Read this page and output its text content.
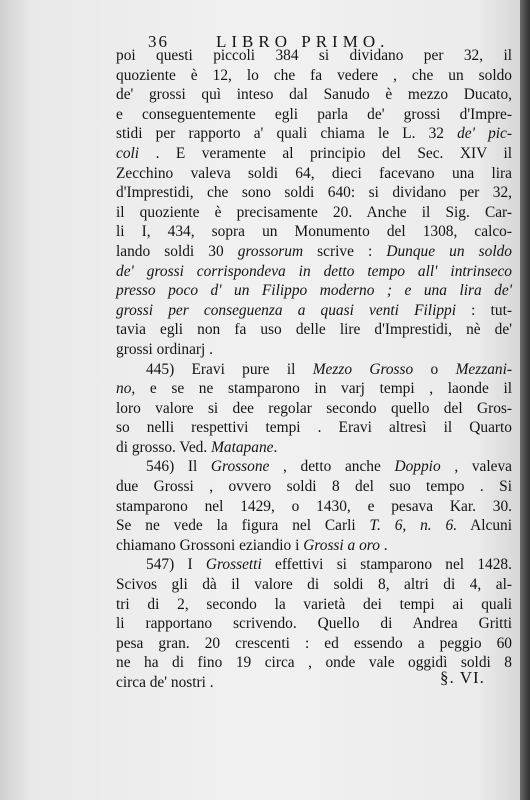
36	LIBRO PRIMO.
poi questi piccoli 384 si dividano per 32, il
quoziente è 12, lo che fa vedere , che un soldo
de' grossi quì inteso dal Sanudo è mezzo Ducato,
e conseguentemente egli parla de' grossi d'Impre-
stidi per rapporto a' quali chiama le L. 32 de' pic-
coli . E veramente al principio del Sec. XIV il
Zecchino valeva soldi 64, dieci facevano una lira
d'Imprestidi, che sono soldi 640: si dividano per 32,
il quoziente è precisamente 20. Anche il Sig. Car-
li I, 434, sopra un Monumento del 1308, calco-
lando soldi 30 grossorum scrive : Dunque un soldo
de' grossi corrispondeva in detto tempo all' intrinseco
presso poco d' un Filippo moderno ; e una lira de'
grossi per conseguenza a quasi venti Filippi : tut-
tavia egli non fa uso delle lire d'Imprestidi, nè de'
grossi ordinarj .
445) Eravi pure il Mezzo Grosso o Mezzani-
no, e se ne stamparono in varj tempi , laonde il
loro valore si dee regolar secondo quello del Gros-
so nelli respettivi tempi . Eravi altresì il Quarto
di grosso. Ved. Matapane.
546) Il Grossone , detto anche Doppio , valeva
due Grossi , ovvero soldi 8 del suo tempo . Si
stamparono nel 1429, o 1430, e pesava Kar. 30.
Se ne vede la figura nel Carli T. 6, n. 6. Alcuni
chiamano Grossoni eziandio i Grossi a oro .
547) I Grossetti effettivi si stamparono nel 1428.
Scivos gli dà il valore di soldi 8, altri di 4, al-
tri di 2, secondo la varietà dei tempi ai quali
li rapportano scrivendo. Quello di Andrea Gritti
pesa gran. 20 crescenti : ed essendo a peggio 60
ne ha di fino 19 circa , onde vale oggidì soldi 8
circa de' nostri .	§. VI.
